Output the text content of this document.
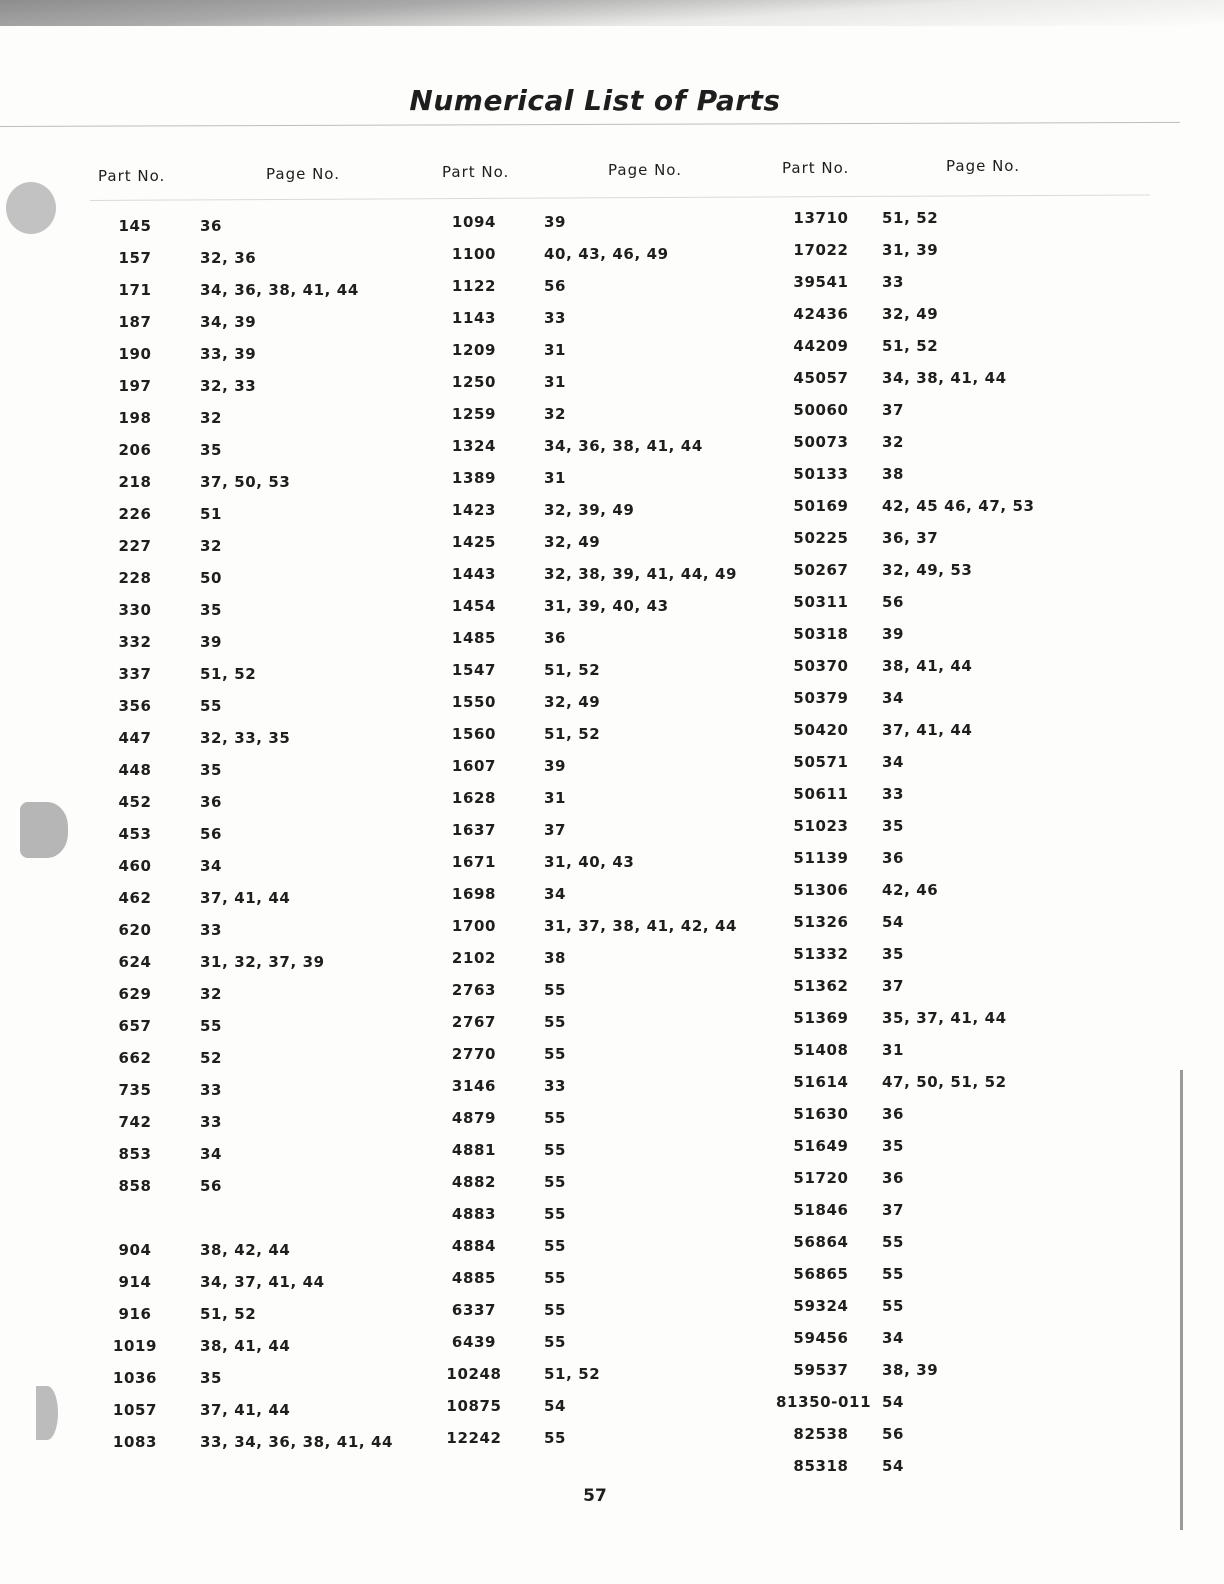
Numerical List of Parts
Part No.	Page No.	Part No.	Page No.	Part No.	Page No.
145	36
157	32, 36
171	34, 36, 38, 41, 44
187	34, 39
190	33, 39
197	32, 33
198	32
206	35
218	37, 50, 53
226	51
227	32
228	50
330	35
332	39
337	51, 52
356	55
447	32, 33, 35
448	35
452	36
453	56
460	34
462	37, 41, 44
620	33
624	31, 32, 37, 39
629	32
657	55
662	52
735	33
742	33
853	34
858	56
904	38, 42, 44
914	34, 37, 41, 44
916	51, 52
1019	38, 41, 44
1036	35
1057	37, 41, 44
1083	33, 34, 36, 38, 41, 44
1094	39
1100	40, 43, 46, 49
1122	56
1143	33
1209	31
1250	31
1259	32
1324	34, 36, 38, 41, 44
1389	31
1423	32, 39, 49
1425	32, 49
1443	32, 38, 39, 41, 44, 49
1454	31, 39, 40, 43
1485	36
1547	51, 52
1550	32, 49
1560	51, 52
1607	39
1628	31
1637	37
1671	31, 40, 43
1698	34
1700	31, 37, 38, 41, 42, 44
2102	38
2763	55
2767	55
2770	55
3146	33
4879	55
4881	55
4882	55
4883	55
4884	55
4885	55
6337	55
6439	55
10248	51, 52
10875	54
12242	55
13710	51, 52
17022	31, 39
39541	33
42436	32, 49
44209	51, 52
45057	34, 38, 41, 44
50060	37
50073	32
50133	38
50169	42, 45 46, 47, 53
50225	36, 37
50267	32, 49, 53
50311	56
50318	39
50370	38, 41, 44
50379	34
50420	37, 41, 44
50571	34
50611	33
51023	35
51139	36
51306	42, 46
51326	54
51332	35
51362	37
51369	35, 37, 41, 44
51408	31
51614	47, 50, 51, 52
51630	36
51649	35
51720	36
51846	37
56864	55
56865	55
59324	55
59456	34
59537	38, 39
81350-011 54
82538	56
85318	54
57
